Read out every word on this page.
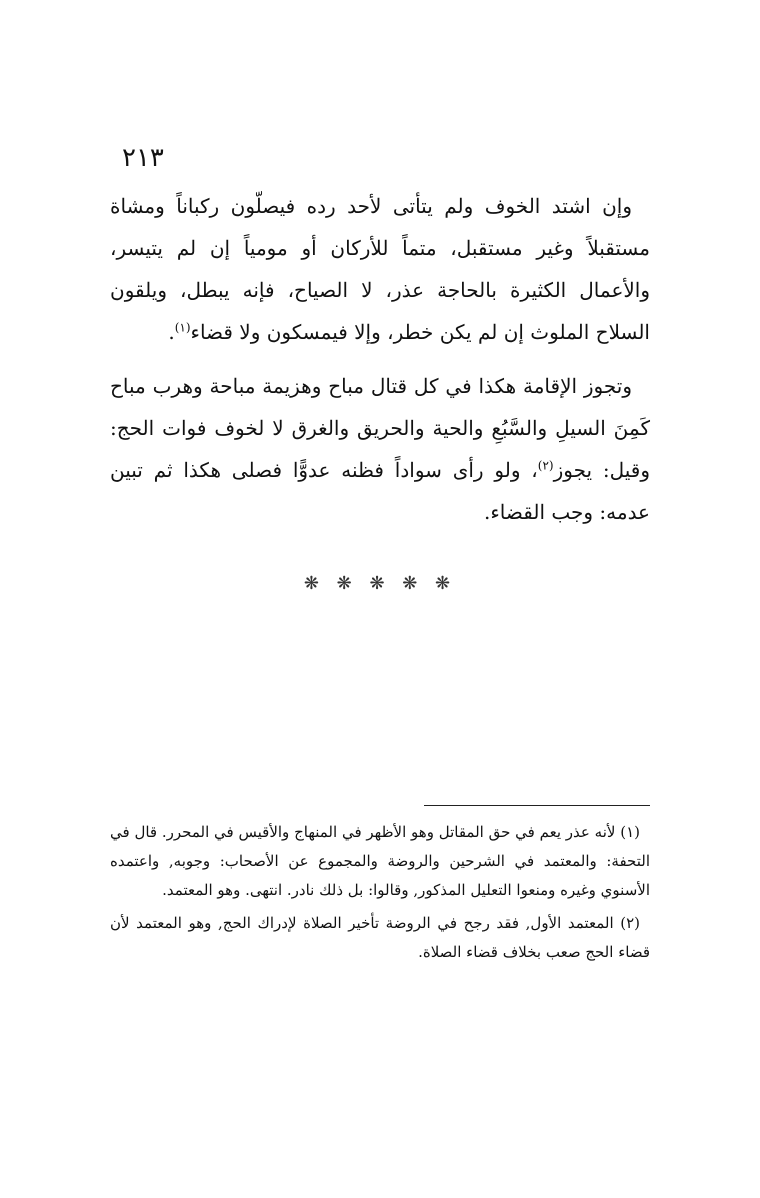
٢١٣

وإن اشتد الخوف ولم يتأتى لأحد رده فيصلّون ركباناً ومشاة مستقبلاً وغير مستقبل، متماً للأركان أو مومياً إن لم يتيسر، والأعمال الكثيرة بالحاجة عذر، لا الصياح، فإنه يبطل، ويلقون السلاح الملوث إن لم يكن خطر، وإلا فيمسكون ولا قضاء$^{(١)}$.

وتجوز الإقامة هكذا في كل قتال مباح وهزيمة مباحة وهرب مباح كَمِنَ السيلِ والسَّبُعِ والحية والحريق والغرق لا لخوف فوات الحج: وقيل: يجوز$^{(٢)}$، ولو رأى سواداً فظنه عدوًّا فصلى هكذا ثم تبين عدمه: وجب القضاء.

❋ ❋ ❋ ❋ ❋

(١) لأنه عذر يعم في حق المقاتل وهو الأظهر في المنهاج والأقيس في المحرر. قال في التحفة: والمعتمد في الشرحين والروضة والمجموع عن الأصحاب: وجوبه, واعتمده الأسنوي وغيره ومنعوا التعليل المذكور, وقالوا: بل ذلك نادر. انتهى. وهو المعتمد.

(٢) المعتمد الأول, فقد رجح في الروضة تأخير الصلاة لإدراك الحج, وهو المعتمد لأن قضاء الحج صعب بخلاف قضاء الصلاة.
